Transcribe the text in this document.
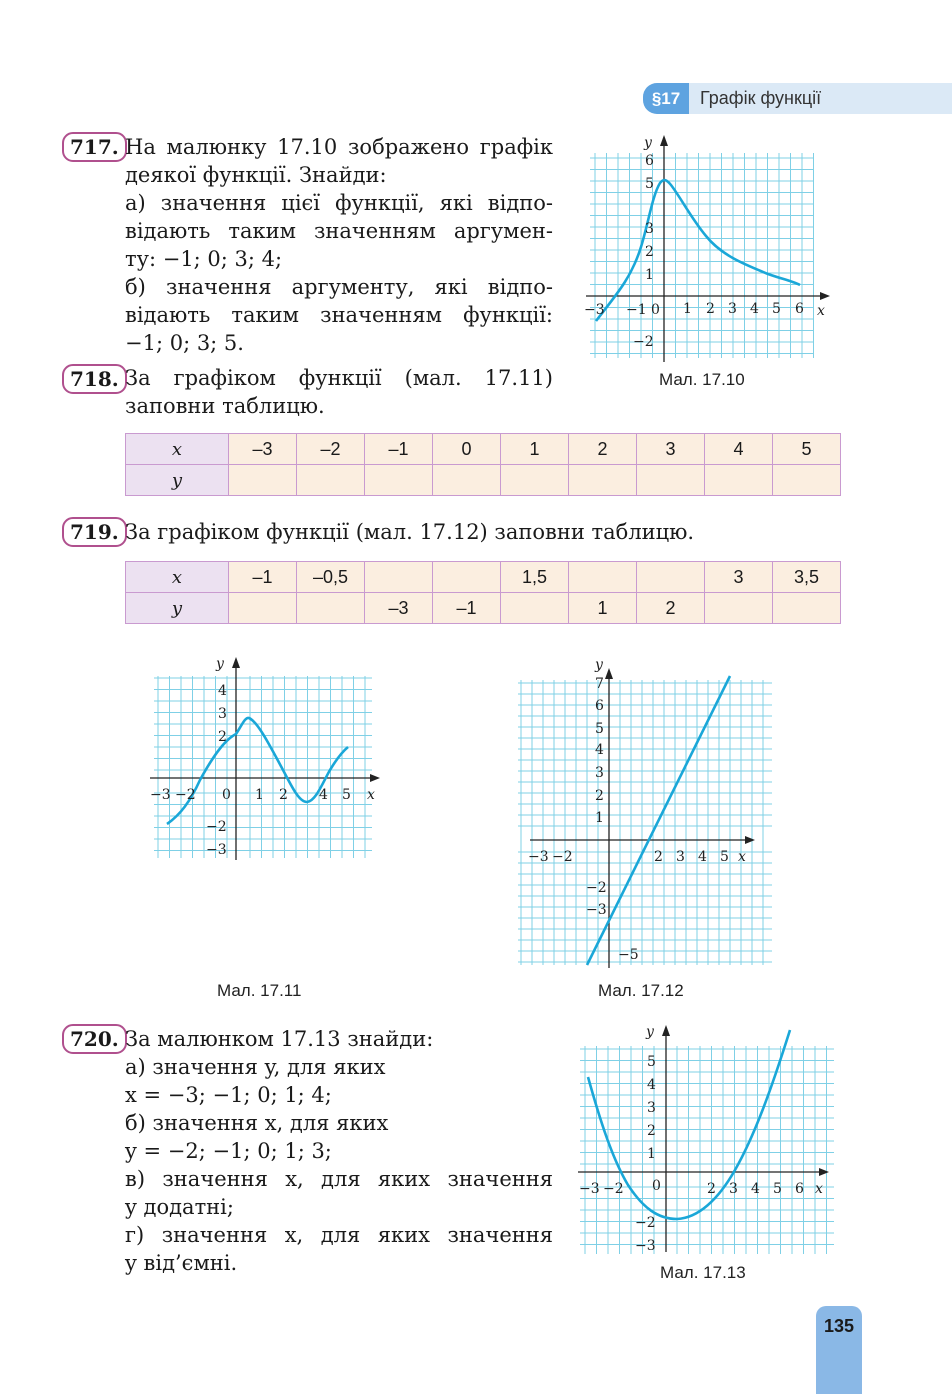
§17	Графік функції
717. На малюнку 17.10 зображено графік
деякої функції. Знайди:
а) значення цієї функції, які відпо-
відають таким значенням аргумен-
ту: −1; 0; 3; 4;
б) значення аргументу, які відпо-
відають таким значенням функції:
−1; 0; 3; 5.
718. За графіком функції (мал. 17.11)
заповни таблицю.
x	–3	–2	–1	0	1	2	3	4	5
y									
719. За графіком функції (мал. 17.12) заповни таблицю.
x	–1	–0,5			1,5			3	3,5
y			–3	–1		1	2		
720. За малюнком 17.13 знайди:
а) значення y, для яких
x = −3; −1; 0; 1; 4;
б) значення x, для яких
y = −2; −1; 0; 1; 3;
в) значення x, для яких значення
y додатні;
г) значення x, для яких значення
y від’ємні.
y
x
−3 −1 0 1 2 3 4 5 6
6
5
3
2
1
−2
Мал. 17.10
y
x
−3 −2 0 1 2 4 5
4
3
2
−2
−3
Мал. 17.11
y
x
−3 −2	2 3 4 5
7
6
5
4
3
2
1
−2
−3
−5
Мал. 17.12
y
x
−3 −2 0	2 3 4 5 6
5
4
3
2
1
−2
−3
Мал. 17.13
135
